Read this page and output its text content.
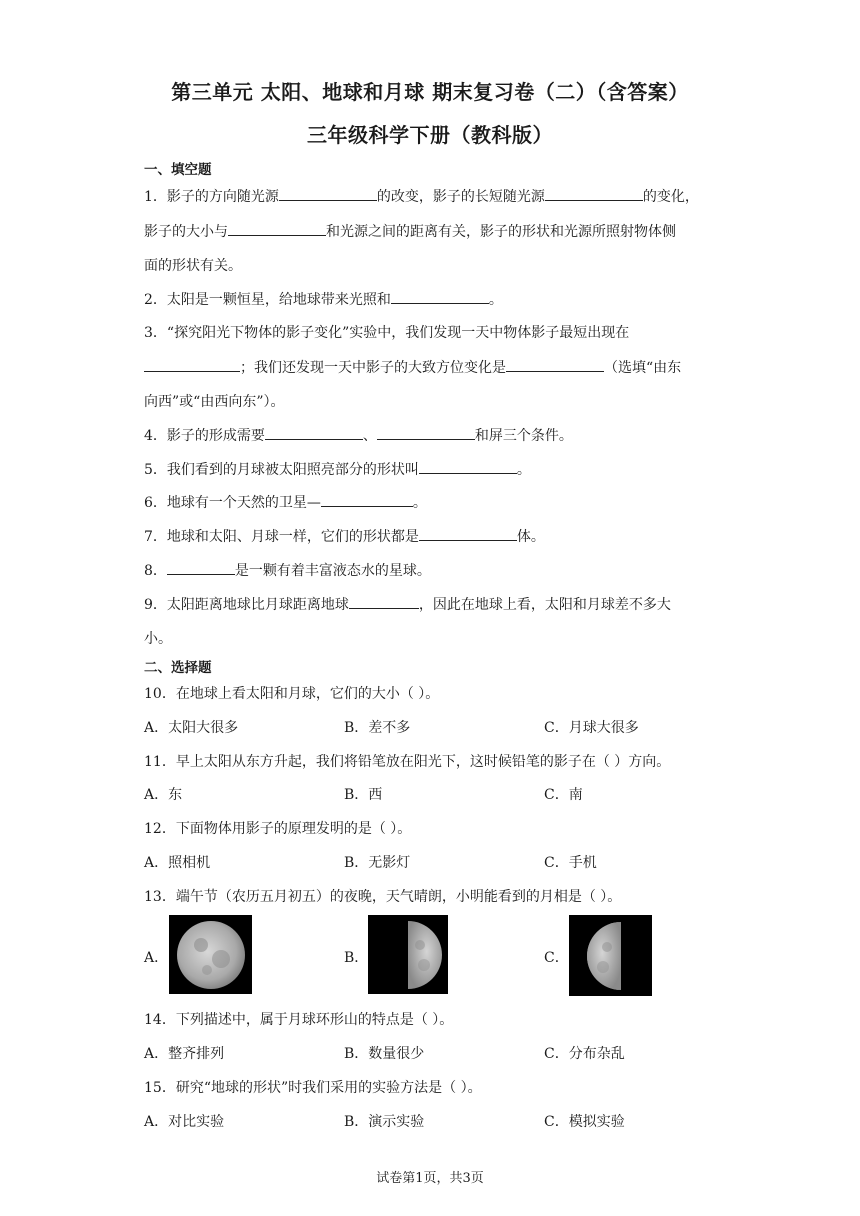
第三单元 太阳、地球和月球 期末复习卷（二）（含答案）
三年级科学下册（教科版）
一、填空题
1．影子的方向随光源	的改变，影子的长短随光源	的变化，
影子的大小与	和光源之间的距离有关，影子的形状和光源所照射物体侧
面的形状有关。
2．太阳是一颗恒星，给地球带来光照和	。
3．“探究阳光下物体的影子变化”实验中，我们发现一天中物体影子最短出现在
；我们还发现一天中影子的大致方位变化是	（选填“由东
向西”或“由西向东”）。
4．影子的形成需要	、	和屏三个条件。
5．我们看到的月球被太阳照亮部分的形状叫	。
6．地球有一个天然的卫星—	。
7．地球和太阳、月球一样，它们的形状都是	体。
8．	是一颗有着丰富液态水的星球。
9．太阳距离地球比月球距离地球	，因此在地球上看，太阳和月球差不多大
小。
二、选择题
10．在地球上看太阳和月球，它们的大小（ ）。
A．太阳大很多	B．差不多	C．月球大很多
11．早上太阳从东方升起，我们将铅笔放在阳光下，这时候铅笔的影子在（ ）方向。
A．东	B．西	C．南
12．下面物体用影子的原理发明的是（ ）。
A．照相机	B．无影灯	C．手机
13．端午节（农历五月初五）的夜晚，天气晴朗，小明能看到的月相是（ ）。
A．	B．	C．
14．下列描述中，属于月球环形山的特点是（ ）。
A．整齐排列	B．数量很少	C．分布杂乱
15．研究“地球的形状”时我们采用的实验方法是（ ）。
A．对比实验	B．演示实验	C．模拟实验
试卷第1页，共3页
